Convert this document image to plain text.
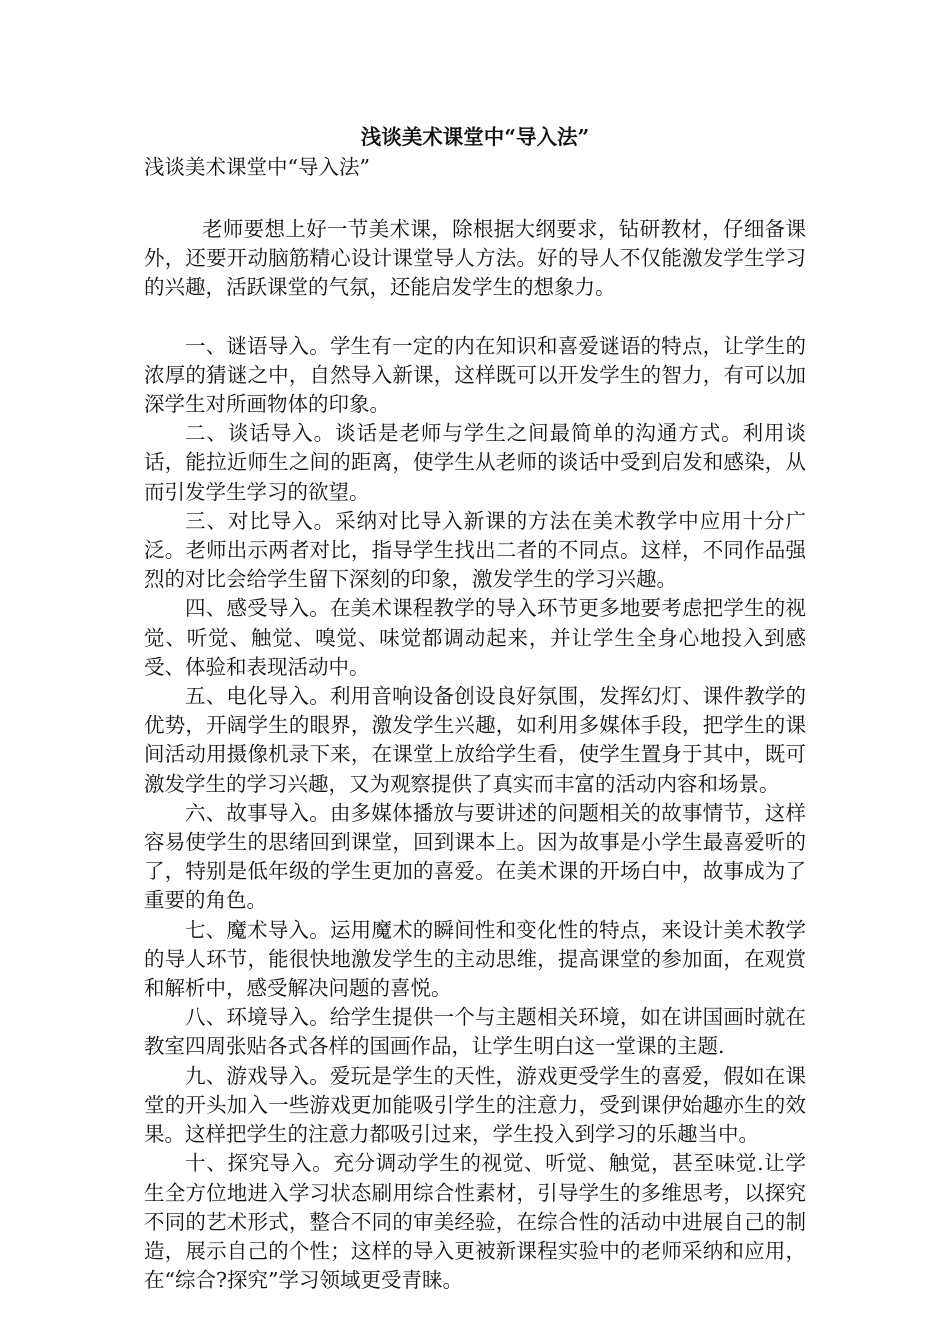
浅谈美术课堂中“导入法”

浅谈美术课堂中“导入法”

老师要想上好一节美术课，除根据大纲要求，钻研教材，仔细备课外，还要开动脑筋精心设计课堂导人方法。好的导人不仅能激发学生学习的兴趣，活跃课堂的气氛，还能启发学生的想象力。

一、谜语导入。学生有一定的内在知识和喜爱谜语的特点，让学生的浓厚的猜谜之中，自然导入新课，这样既可以开发学生的智力，有可以加深学生对所画物体的印象。

二、谈话导入。谈话是老师与学生之间最简单的沟通方式。利用谈话，能拉近师生之间的距离，使学生从老师的谈话中受到启发和感染，从而引发学生学习的欲望。

三、对比导入。采纳对比导入新课的方法在美术教学中应用十分广泛。老师出示两者对比，指导学生找出二者的不同点。这样，不同作品强烈的对比会给学生留下深刻的印象，激发学生的学习兴趣。

四、感受导入。在美术课程教学的导入环节更多地要考虑把学生的视觉、听觉、触觉、嗅觉、味觉都调动起来，并让学生全身心地投入到感受、体验和表现活动中。

五、电化导入。利用音响设备创设良好氛围，发挥幻灯、课件教学的优势，开阔学生的眼界，激发学生兴趣，如利用多媒体手段，把学生的课间活动用摄像机录下来，在课堂上放给学生看，使学生置身于其中，既可激发学生的学习兴趣，又为观察提供了真实而丰富的活动内容和场景。

六、故事导入。由多媒体播放与要讲述的问题相关的故事情节，这样容易使学生的思绪回到课堂，回到课本上。因为故事是小学生最喜爱听的了，特别是低年级的学生更加的喜爱。在美术课的开场白中，故事成为了重要的角色。

七、魔术导入。运用魔术的瞬间性和变化性的特点，来设计美术教学的导人环节，能很快地激发学生的主动思维，提高课堂的参加面，在观赏和解析中，感受解决问题的喜悦。

八、环境导入。给学生提供一个与主题相关环境，如在讲国画时就在教室四周张贴各式各样的国画作品，让学生明白这一堂课的主题.

九、游戏导入。爱玩是学生的天性，游戏更受学生的喜爱，假如在课堂的开头加入一些游戏更加能吸引学生的注意力，受到课伊始趣亦生的效果。这样把学生的注意力都吸引过来，学生投入到学习的乐趣当中。

十、探究导入。充分调动学生的视觉、听觉、触觉，甚至味觉.让学生全方位地进入学习状态刷用综合性素材，引导学生的多维思考，以探究不同的艺术形式，整合不同的审美经验，在综合性的活动中进展自己的制造，展示自己的个性；这样的导入更被新课程实验中的老师采纳和应用，在“综合?探究”学习领域更受青睐。
